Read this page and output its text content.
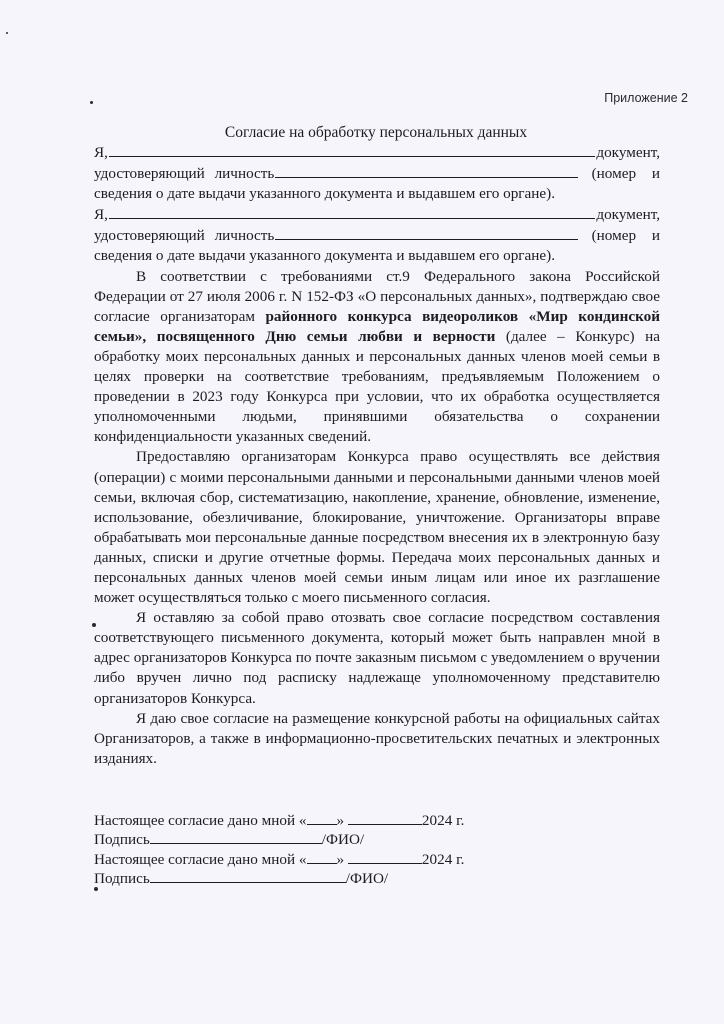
Приложение 2
Согласие на обработку персональных данных
Я,	документ,
удостоверяющий личность	(номер и
сведения о дате выдачи указанного документа и выдавшем его органе).
Я,	документ,
удостоверяющий личность	(номер и
сведения о дате выдачи указанного документа и выдавшем его органе).
В соответствии с требованиями ст.9 Федерального закона Российской Федерации от 27 июля 2006 г. N 152-ФЗ «О персональных данных», подтверждаю свое согласие организаторам районного конкурса видеороликов «Мир кондинской семьи», посвященного Дню семьи любви и верности (далее – Конкурс) на обработку моих персональных данных и персональных данных членов моей семьи в целях проверки на соответствие требованиям, предъявляемым Положением о проведении в 2023 году Конкурса при условии, что их обработка осуществляется уполномоченными людьми, принявшими обязательства о сохранении конфиденциальности указанных сведений.
Предоставляю организаторам Конкурса право осуществлять все действия (операции) с моими персональными данными и персональными данными членов моей семьи, включая сбор, систематизацию, накопление, хранение, обновление, изменение, использование, обезличивание, блокирование, уничтожение. Организаторы вправе обрабатывать мои персональные данные посредством внесения их в электронную базу данных, списки и другие отчетные формы. Передача моих персональных данных и персональных данных членов моей семьи иным лицам или иное их разглашение может осуществляться только с моего письменного согласия.
Я оставляю за собой право отозвать свое согласие посредством составления соответствующего письменного документа, который может быть направлен мной в адрес организаторов Конкурса по почте заказным письмом с уведомлением о вручении либо вручен лично под расписку надлежаще уполномоченному представителю организаторов Конкурса.
Я даю свое согласие на размещение конкурсной работы на официальных сайтах Организаторов, а также в информационно-просветительских печатных и электронных изданиях.
Настоящее согласие дано мной « »
	2024 г.
Подпись	/ФИО/
Настоящее согласие дано мной « »
	2024 г.
Подпись	/ФИО/
